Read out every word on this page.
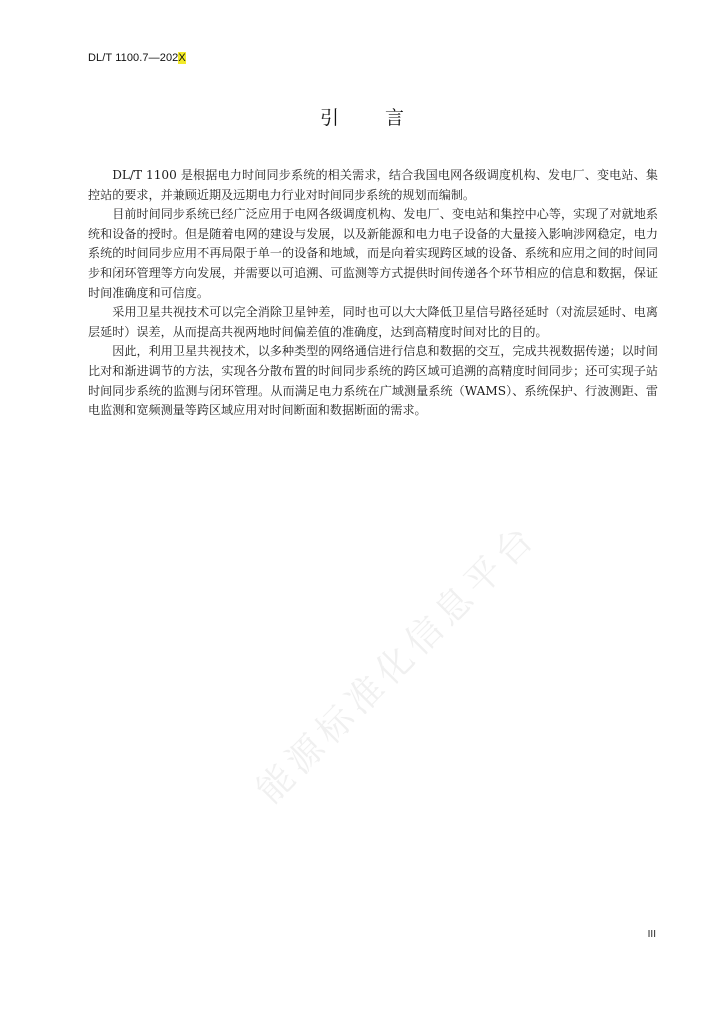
DL/T 1100.7—202X
引 言

DL/T 1100 是根据电力时间同步系统的相关需求，结合我国电网各级调度机构、发电厂、变电站、集控站的要求，并兼顾近期及远期电力行业对时间同步系统的规划而编制。

目前时间同步系统已经广泛应用于电网各级调度机构、发电厂、变电站和集控中心等，实现了对就地系统和设备的授时。但是随着电网的建设与发展，以及新能源和电力电子设备的大量接入影响涉网稳定，电力系统的时间同步应用不再局限于单一的设备和地域，而是向着实现跨区域的设备、系统和应用之间的时间同步和闭环管理等方向发展，并需要以可追溯、可监测等方式提供时间传递各个环节相应的信息和数据，保证时间准确度和可信度。

采用卫星共视技术可以完全消除卫星钟差，同时也可以大大降低卫星信号路径延时（对流层延时、电离层延时）误差，从而提高共视两地时间偏差值的准确度，达到高精度时间对比的目的。

因此，利用卫星共视技术，以多种类型的网络通信进行信息和数据的交互，完成共视数据传递；以时间比对和渐进调节的方法，实现各分散布置的时间同步系统的跨区域可追溯的高精度时间同步；还可实现子站时间同步系统的监测与闭环管理。从而满足电力系统在广域测量系统（WAMS）、系统保护、行波测距、雷电监测和宽频测量等跨区域应用对时间断面和数据断面的需求。

能源标准化信息平台
III
